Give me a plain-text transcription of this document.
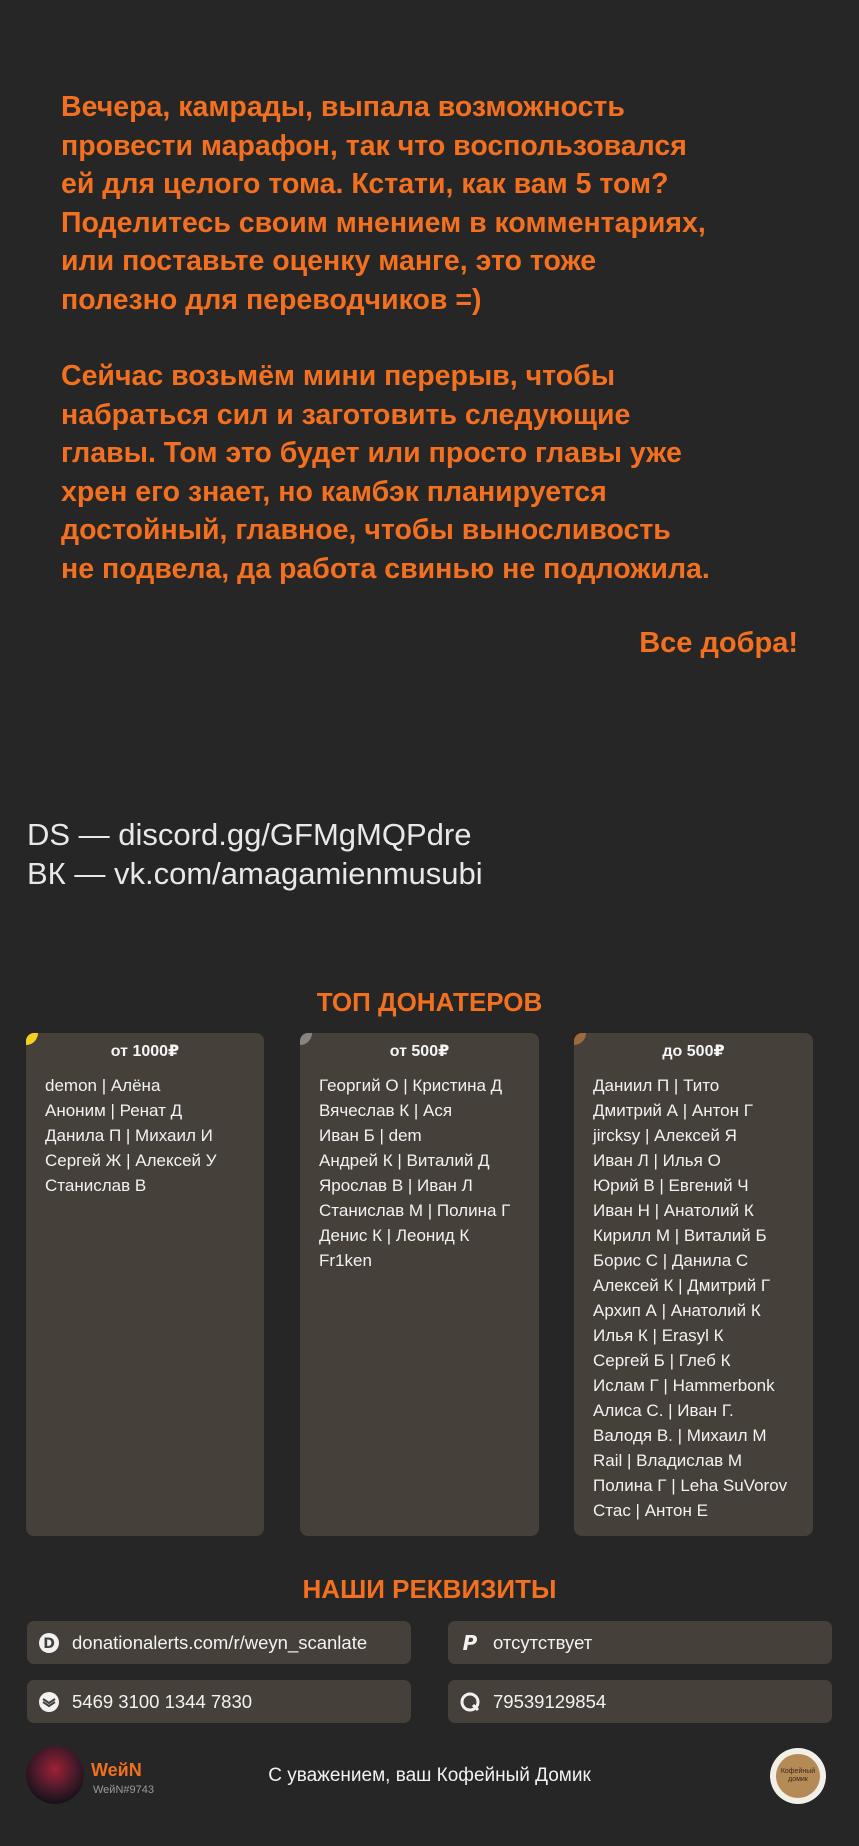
Вечера, камрады, выпала возможность
провести марафон, так что воспользовался
ей для целого тома. Кстати, как вам 5 том?
Поделитесь своим мнением в комментариях,
или поставьте оценку манге, это тоже
полезно для переводчиков =)

Сейчас возьмём мини перерыв, чтобы
набраться сил и заготовить следующие
главы. Том это будет или просто главы уже
хрен его знает, но камбэк планируется
достойный, главное, чтобы выносливость
не подвела, да работа свинью не подложила.

Все добра!
DS — discord.gg/GFMgMQPdre
ВК — vk.com/amagamienmusubi
ТОП ДОНАТЕРОВ
от 1000₽
demon | Алёна
Аноним | Ренат Д
Данила П | Михаил И
Сергей Ж | Алексей У
Станислав В
от 500₽
Георгий О | Кристина Д
Вячеслав К | Ася
Иван Б | dem
Андрей К | Виталий Д
Ярослав В | Иван Л
Станислав М | Полина Г
Денис К | Леонид К
Fr1ken
до 500₽
Даниил П | Тито
Дмитрий А | Антон Г
jircksy | Алексей Я
Иван Л | Илья О
Юрий В | Евгений Ч
Иван Н | Анатолий К
Кирилл М | Виталий Б
Борис С | Данила С
Алексей К | Дмитрий Г
Архип А | Анатолий К
Илья К | Erasyl К
Сергей Б | Глеб К
Ислам Г | Hammerbonk
Алиса С. | Иван Г.
Валодя В. | Михаил М
Rail | Владислав М
Полина Г | Leha SuVorov
Стас | Антон Е
НАШИ РЕКВИЗИТЫ
D donationalerts.com/r/weyn_scanlate	P отсутствует
5469 3100 1344 7830	79539129854
WeйN
WeйN#9743
С уважением, ваш Кофейный Домик	Кофейный домик
